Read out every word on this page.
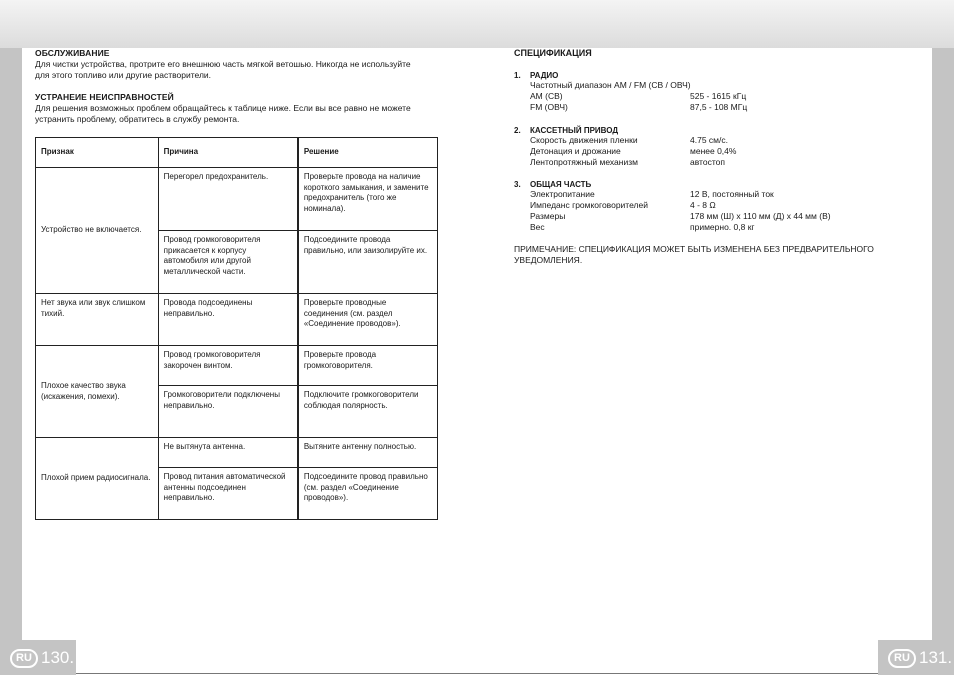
RU 130.	RU 131.
ОБСЛУЖИВАНИЕ
Для чистки устройства, протрите его внешнюю часть мягкой ветошью. Никогда не используйте
для этого топливо или другие растворители.
УСТРАНЕИЕ НЕИСПРАВНОСТЕЙ
Для решения возможных проблем обращайтесь к таблице ниже. Если вы все равно не можете
устранить проблему, обратитесь в службу ремонта.
Признак	Причина	Решение
Устройство не включается.	Перегорел предохранитель.	Проверьте провода на наличие короткого замыкания, и замените предохранитель (того же номинала).
	Провод громкоговорителя прикасается к корпусу автомобиля или другой металлической части.	Подсоедините провода правильно, или заизолируйте их.
Нет звука или звук слишком тихий.	Провода подсоединены неправильно.	Проверьте проводные соединения (см. раздел «Соединение проводов»).
Плохое качество звука (искажения, помехи).	Провод громкоговорителя закорочен винтом.	Проверьте провода громкоговорителя.
	Громкоговорители подключены неправильно.	Подключите громкоговорители соблюдая полярность.
Плохой прием радиосигнала.	Не вытянута антенна.	Вытяните антенну полностью.
	Провод питания автоматической антенны подсоединен неправильно.	Подсоедините провод правильно (см. раздел «Соединение проводов»).
СПЕЦИФИКАЦИЯ
1.	РАДИО
Частотный диапазон AM / FM (СВ / ОВЧ)
AM (СВ)	525 - 1615 кГц
FM (ОВЧ)	87,5 - 108 МГц
2.	КАССЕТНЫЙ ПРИВОД
Скорость движения пленки	4.75 см/с.
Детонация и дрожание	менее 0,4%
Лентопротяжный механизм	автостоп
3.	ОБЩАЯ ЧАСТЬ
Электропитание	12 В, постоянный ток
Импеданс громкоговорителей	4 - 8 Ω
Размеры	178 мм (Ш) x 110 мм (Д) x 44 мм (В)
Вес	примерно. 0,8 кг
ПРИМЕЧАНИЕ: СПЕЦИФИКАЦИЯ МОЖЕТ БЫТЬ ИЗМЕНЕНА БЕЗ ПРЕДВАРИТЕЛЬНОГО
УВЕДОМЛЕНИЯ.
